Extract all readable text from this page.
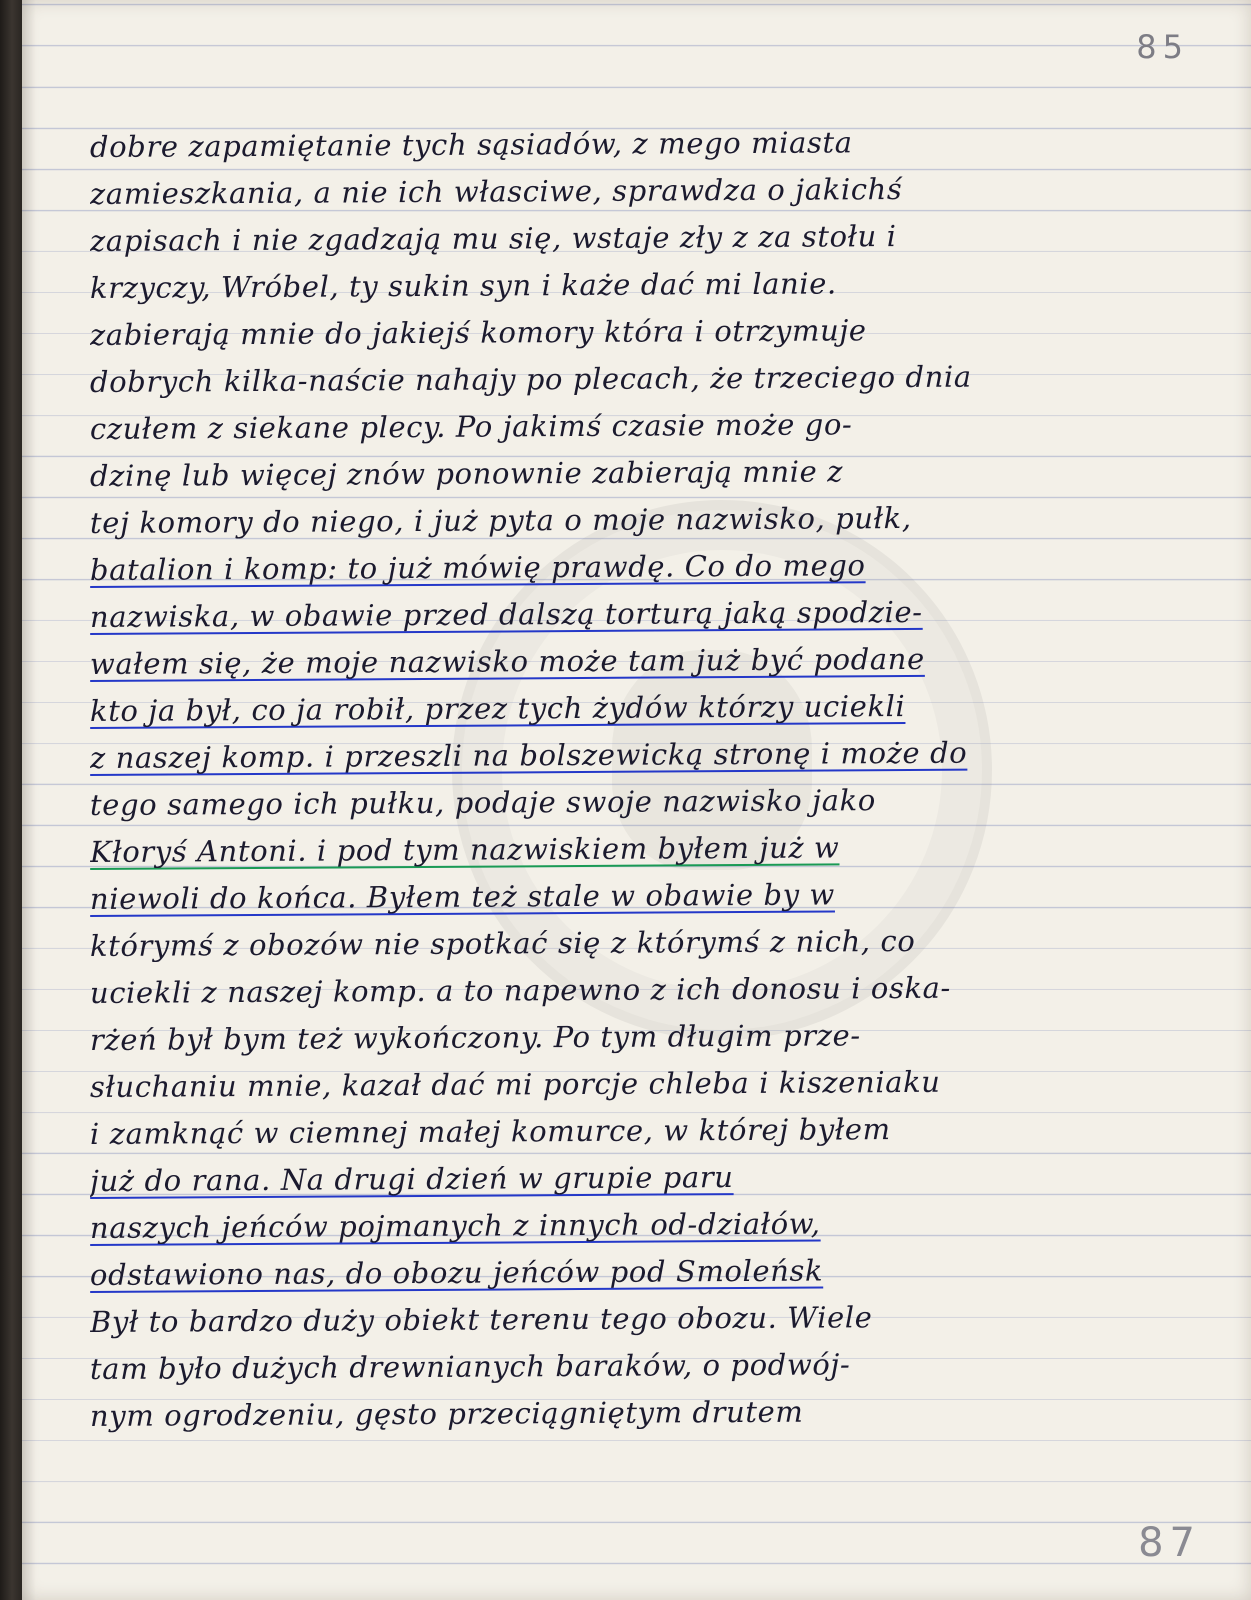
85
dobre zapamiętanie tych sąsiadów, z mego miasta
zamieszkania, a nie ich własciwe, sprawdza o jakichś
zapisach i nie zgadzają mu się, wstaje zły z za stołu i
krzyczy, Wróbel, ty sukin syn i każe dać mi lanie.
zabierają mnie do jakiejś komory która i otrzymuje
dobrych kilka-naście nahajy po plecach, że trzeciego dnia
czułem z siekane plecy. Po jakimś czasie może go-
dzinę lub więcej znów ponownie zabierają mnie z
tej komory do niego, i już pyta o moje nazwisko, pułk,
batalion i komp: to już mówię prawdę. Co do mego
nazwiska, w obawie przed dalszą torturą jaką spodzie-
wałem się, że moje nazwisko może tam już być podane
kto ja był, co ja robił, przez tych żydów którzy uciekli
z naszej komp. i przeszli na bolszewicką stronę i może do
tego samego ich pułku, podaje swoje nazwisko jako
Kłoryś Antoni. i pod tym nazwiskiem byłem już w
niewoli do końca. Byłem też stale w obawie by w
którymś z obozów nie spotkać się z którymś z nich, co
uciekli z naszej komp. a to napewno z ich donosu i oska-
rżeń był bym też wykończony. Po tym długim prze-
słuchaniu mnie, kazał dać mi porcje chleba i kiszeniaku
i zamknąć w ciemnej małej komurce, w której byłem
już do rana. Na drugi dzień w grupie paru
naszych jeńców pojmanych z innych od-działów,
odstawiono nas, do obozu jeńców pod Smoleńsk
Był to bardzo duży obiekt terenu tego obozu. Wiele
tam było dużych drewnianych baraków, o podwój-
nym ogrodzeniu, gęsto przeciągniętym drutem
87
